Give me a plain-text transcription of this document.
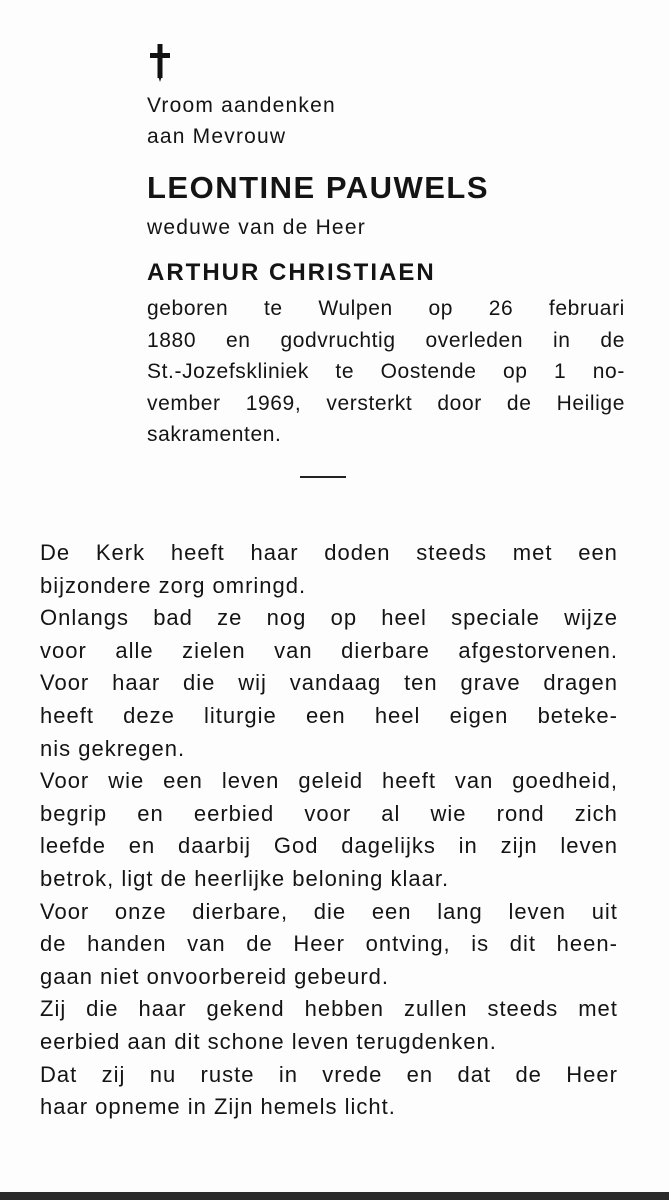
Vroom aandenken
aan Mevrouw
LEONTINE PAUWELS
weduwe van de Heer
ARTHUR CHRISTIAEN
geboren te Wulpen op 26 februari
1880 en godvruchtig overleden in de
St.-Jozefskliniek te Oostende op 1 no-
vember 1969, versterkt door de Heilige
sakramenten.
De Kerk heeft haar doden steeds met een
bijzondere zorg omringd.
Onlangs bad ze nog op heel speciale wijze
voor alle zielen van dierbare afgestorvenen.
Voor haar die wij vandaag ten grave dragen
heeft deze liturgie een heel eigen beteke-
nis gekregen.
Voor wie een leven geleid heeft van goedheid,
begrip en eerbied voor al wie rond zich
leefde en daarbij God dagelijks in zijn leven
betrok, ligt de heerlijke beloning klaar.
Voor onze dierbare, die een lang leven uit
de handen van de Heer ontving, is dit heen-
gaan niet onvoorbereid gebeurd.
Zij die haar gekend hebben zullen steeds met
eerbied aan dit schone leven terugdenken.
Dat zij nu ruste in vrede en dat de Heer
haar opneme in Zijn hemels licht.
